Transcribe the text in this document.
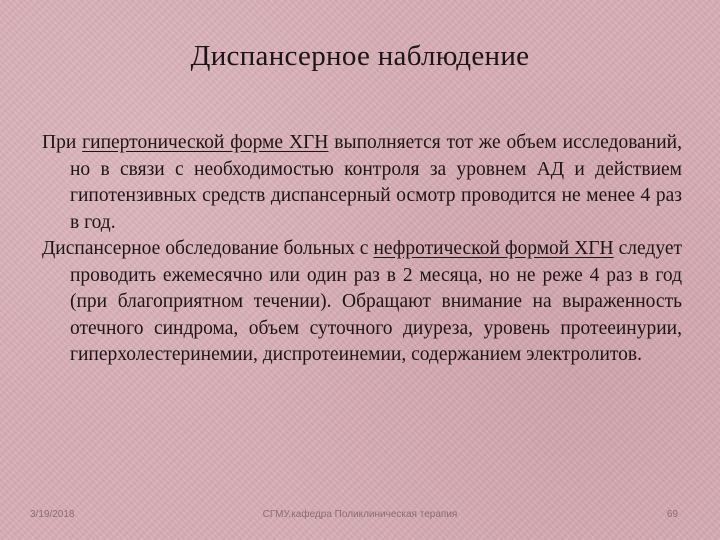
Диспансерное наблюдение

При гипертонической форме ХГН выполняется тот же объем исследований, но в связи с необходимостью контроля за уровнем АД и действием гипотензивных средств диспансерный осмотр проводится не менее 4 раз в год.

Диспансерное обследование больных с нефротической формой ХГН следует проводить ежемесячно или один раз в 2 месяца, но не реже 4 раз в год (при благоприятном течении). Обращают внимание на выраженность отечного синдрома, объем суточного диуреза, уровень протееинурии, гиперхолестеринемии, диспротеинемии, содержанием электролитов.

3/19/2018	СГМУ,кафедра Поликлиническая терапия	69
